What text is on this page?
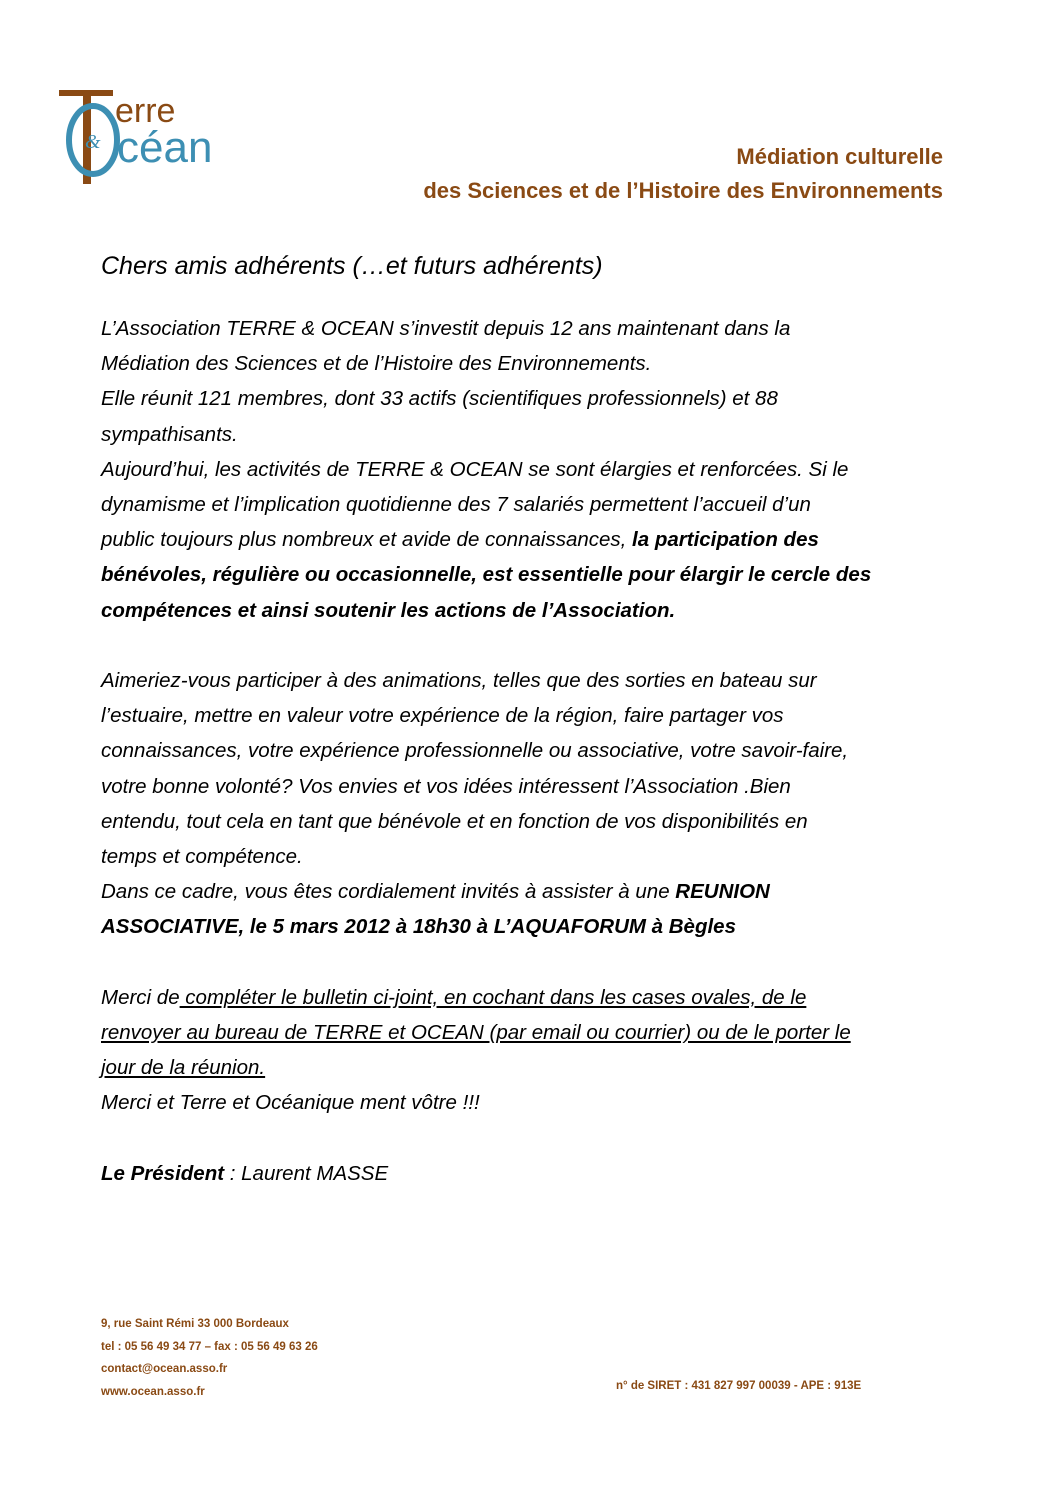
erre
& céan	Médiation culturelle
des Sciences et de l’Histoire des Environnements
Chers amis adhérents (…et futurs adhérents)

L’Association TERRE & OCEAN s’investit depuis 12 ans maintenant dans la

Médiation des Sciences et de l’Histoire des Environnements.

Elle réunit 121 membres, dont 33 actifs (scientifiques professionnels) et 88

sympathisants.

Aujourd’hui, les activités de TERRE & OCEAN se sont élargies et renforcées. Si le

dynamisme et l’implication quotidienne des 7 salariés permettent l’accueil d’un

public toujours plus nombreux et avide de connaissances, la participation des

bénévoles, régulière ou occasionnelle, est essentielle pour élargir le cercle des

compétences et ainsi soutenir les actions de l’Association.

Aimeriez-vous participer à des animations, telles que des sorties en bateau sur

l’estuaire, mettre en valeur votre expérience de la région, faire partager vos

connaissances, votre expérience professionnelle ou associative, votre savoir-faire,

votre bonne volonté? Vos envies et vos idées intéressent l’Association .Bien

entendu, tout cela en tant que bénévole et en fonction de vos disponibilités en

temps et compétence.

Dans ce cadre, vous êtes cordialement invités à assister à une REUNION

ASSOCIATIVE, le 5 mars 2012 à 18h30 à L’AQUAFORUM à Bègles

Merci de compléter le bulletin ci-joint, en cochant dans les cases ovales, de le

renvoyer au bureau de TERRE et OCEAN (par email ou courrier) ou de le porter le

jour de la réunion.

Merci et Terre et Océanique ment vôtre !!!

Le Président : Laurent MASSE

9, rue Saint Rémi 33 000 Bordeaux
tel : 05 56 49 34 77 – fax : 05 56 49 63 26
contact@ocean.asso.fr
www.ocean.asso.fr	n° de SIRET : 431 827 997 00039 - APE : 913E
